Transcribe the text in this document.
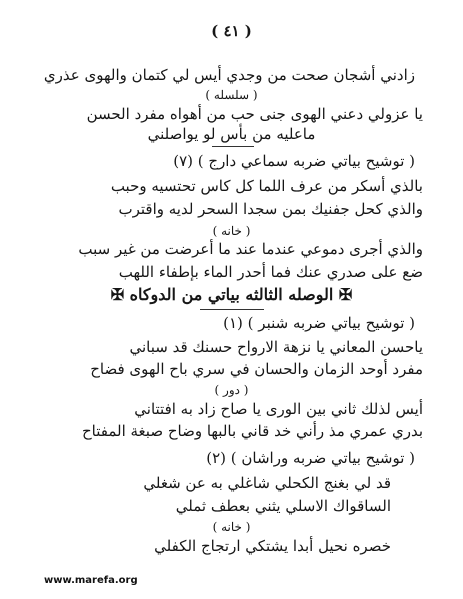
( ٤١ )
زادني أشجان صحت من وجدي أيس لي كتمان والهوى عذري
( سلسله )
يا عزولي دعني الهوى جنى حب من أهواه مفرد الحسن
ماعليه من بأس لو يواصلني
( توشيح بياتي ضربه سماعي دارج ) (٧)
بالذي أسكر من عرف اللما كل كاس تحتسيه وحبب
والذي كحل جفنيك بمن سجدا السحر لديه واقترب
( خانه )
والذي أجرى دموعي عندما عند ما أعرضت من غير سبب
ضع على صدري عنك فما أحدر الماء بإطفاء اللهب
✠ الوصله الثالثه بياتي من الدوكاه ✠
( توشيح بياتي ضربه شنبر ) (١)
ياحسن المعاني يا نزهة الارواح حسنك قد سباني
مفرد أوحد الزمان والحسان في سري باح الهوى فضاح
( دور )
أيس لذلك ثاني بين الورى يا صاح زاد به افتتاني
بدري عمري مذ رأني خد قاني بالبها وضاح صبغة المفتاح
( توشيح بياتي ضربه وراشان ) (٢)
قد لي بغنج الكحلي شاغلي به عن شغلي
الساقواك الاسلي يثني بعطف ثملي
( خانه )
خصره نحيل أبدا يشتكي ارتجاج الكفلي
www.marefa.org
